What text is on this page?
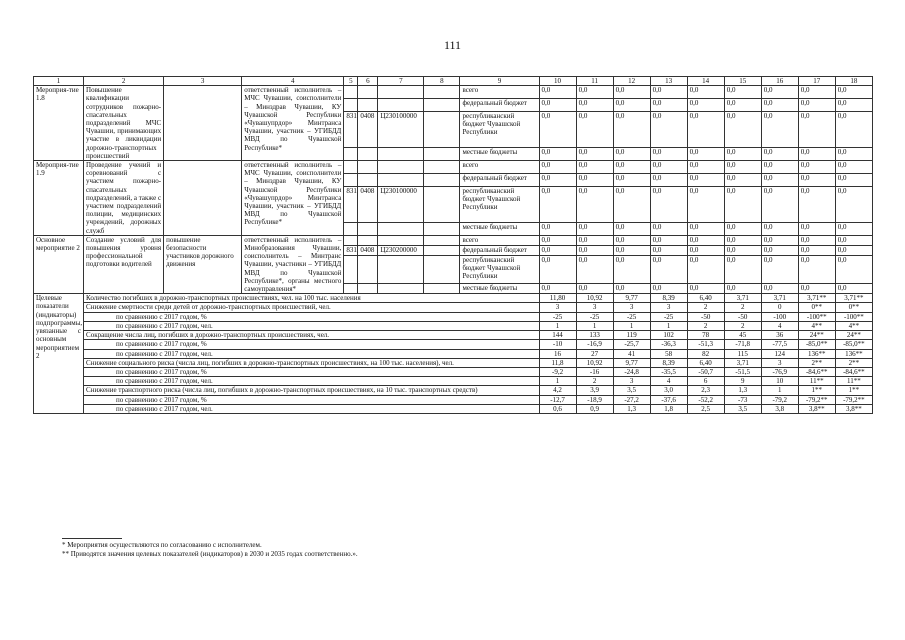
111
1	2	3	4	5	6	7	8	9	10	11	12	13	14	15	16	17	18
Мероприя-тие 1.8	Повышение квалификации сотрудников пожарно-спасательных подразделений МЧС Чувашии, принимающих участие в ликвидации дорожно-транспортных происшествий		ответственный исполнитель – МЧС Чувашии, соисполнители – Минздрав Чувашии, КУ Чувашской Республики «Чувашупрдор» Минтранса Чувашии, участник – УГИБДД МВД по Чувашской Республике*					всего	0,0	0,0	0,0	0,0	0,0	0,0	0,0	0,0	0,0
								федеральный бюджет	0,0	0,0	0,0	0,0	0,0	0,0	0,0	0,0	0,0
				831	0408	Ц230100000		республиканский бюджет Чувашской Республики	0,0	0,0	0,0	0,0	0,0	0,0	0,0	0,0	0,0
								местные бюджеты	0,0	0,0	0,0	0,0	0,0	0,0	0,0	0,0	0,0
Мероприя-тие 1.9	Проведение учений и соревнований с участием пожарно-спасательных подразделений, а также с участием подразделений полиции, медицинских учреждений, дорожных служб		ответственный исполнитель – МЧС Чувашии, соисполнители – Минздрав Чувашии, КУ Чувашской Республики «Чувашупрдор» Минтранса Чувашии, участник – УГИБДД МВД по Чувашской Республике*					всего	0,0	0,0	0,0	0,0	0,0	0,0	0,0	0,0	0,0
								федеральный бюджет	0,0	0,0	0,0	0,0	0,0	0,0	0,0	0,0	0,0
				831	0408	Ц230100000		республиканский бюджет Чувашской Республики	0,0	0,0	0,0	0,0	0,0	0,0	0,0	0,0	0,0
								местные бюджеты	0,0	0,0	0,0	0,0	0,0	0,0	0,0	0,0	0,0
Основное мероприятие 2	Создание условий для повышения уровня профессиональной подготовки водителей	повышение безопасности участников дорожного движения	ответственный исполнитель – Минобразования Чувашии, соисполнитель – Минтранс Чувашии, участники – УГИБДД МВД по Чувашской Республике*, органы местного самоуправления*					всего	0,0	0,0	0,0	0,0	0,0	0,0	0,0	0,0	0,0
				831	0408	Ц230200000		федеральный бюджет	0,0	0,0	0,0	0,0	0,0	0,0	0,0	0,0	0,0
								республиканский бюджет Чувашской Республики	0,0	0,0	0,0	0,0	0,0	0,0	0,0	0,0	0,0
								местные бюджеты	0,0	0,0	0,0	0,0	0,0	0,0	0,0	0,0	0,0
Целевые показатели (индикаторы) подпрограммы, увязанные с основным мероприятием 2	Количество погибших в дорожно-транспортных происшествиях, чел. на 100 тыс. населения								11,80	10,92	9,77	8,39	6,40	3,71	3,71	3,71**	3,71**
	Снижение смертности среди детей от дорожно-транспортных происшествий, чел.								3	3	3	3	2	2	0	0**	0**
	по сравнению с 2017 годом, %								-25	-25	-25	-25	-50	-50	-100	-100**	-100**
	по сравнению с 2017 годом, чел.								1	1	1	1	2	2	4	4**	4**
	Сокращение числа лиц, погибших в дорожно-транспортных происшествиях, чел.								144	133	119	102	78	45	36	24**	24**
	по сравнению с 2017 годом, %								-10	-16,9	-25,7	-36,3	-51,3	-71,8	-77,5	-85,0**	-85,0**
	по сравнению с 2017 годом, чел.								16	27	41	58	82	115	124	136**	136**
	Снижение социального риска (числа лиц, погибших в дорожно-транспортных происшествиях, на 100 тыс. населения), чел.								11,8	10,92	9,77	8,39	6,40	3,71	3	2**	2**
	по сравнению с 2017 годом, %								-9,2	-16	-24,8	-35,5	-50,7	-51,5	-76,9	-84,6**	-84,6**
	по сравнению с 2017 годом, чел.								1	2	3	4	6	9	10	11**	11**
	Снижение транспортного риска (числа лиц, погибших в дорожно-транспортных происшествиях, на 10 тыс. транспортных средств)								4,2	3,9	3,5	3,0	2,3	1,3	1	1**	1**
	по сравнению с 2017 годом, %								-12,7	-18,9	-27,2	-37,6	-52,2	-73	-79,2	-79,2**	-79,2**
	по сравнению с 2017 годом, чел.								0,6	0,9	1,3	1,8	2,5	3,5	3,8	3,8**	3,8**
* Мероприятия осуществляются по согласованию с исполнителем.
** Приводятся значения целевых показателей (индикаторов) в 2030 и 2035 годах соответственно.».
